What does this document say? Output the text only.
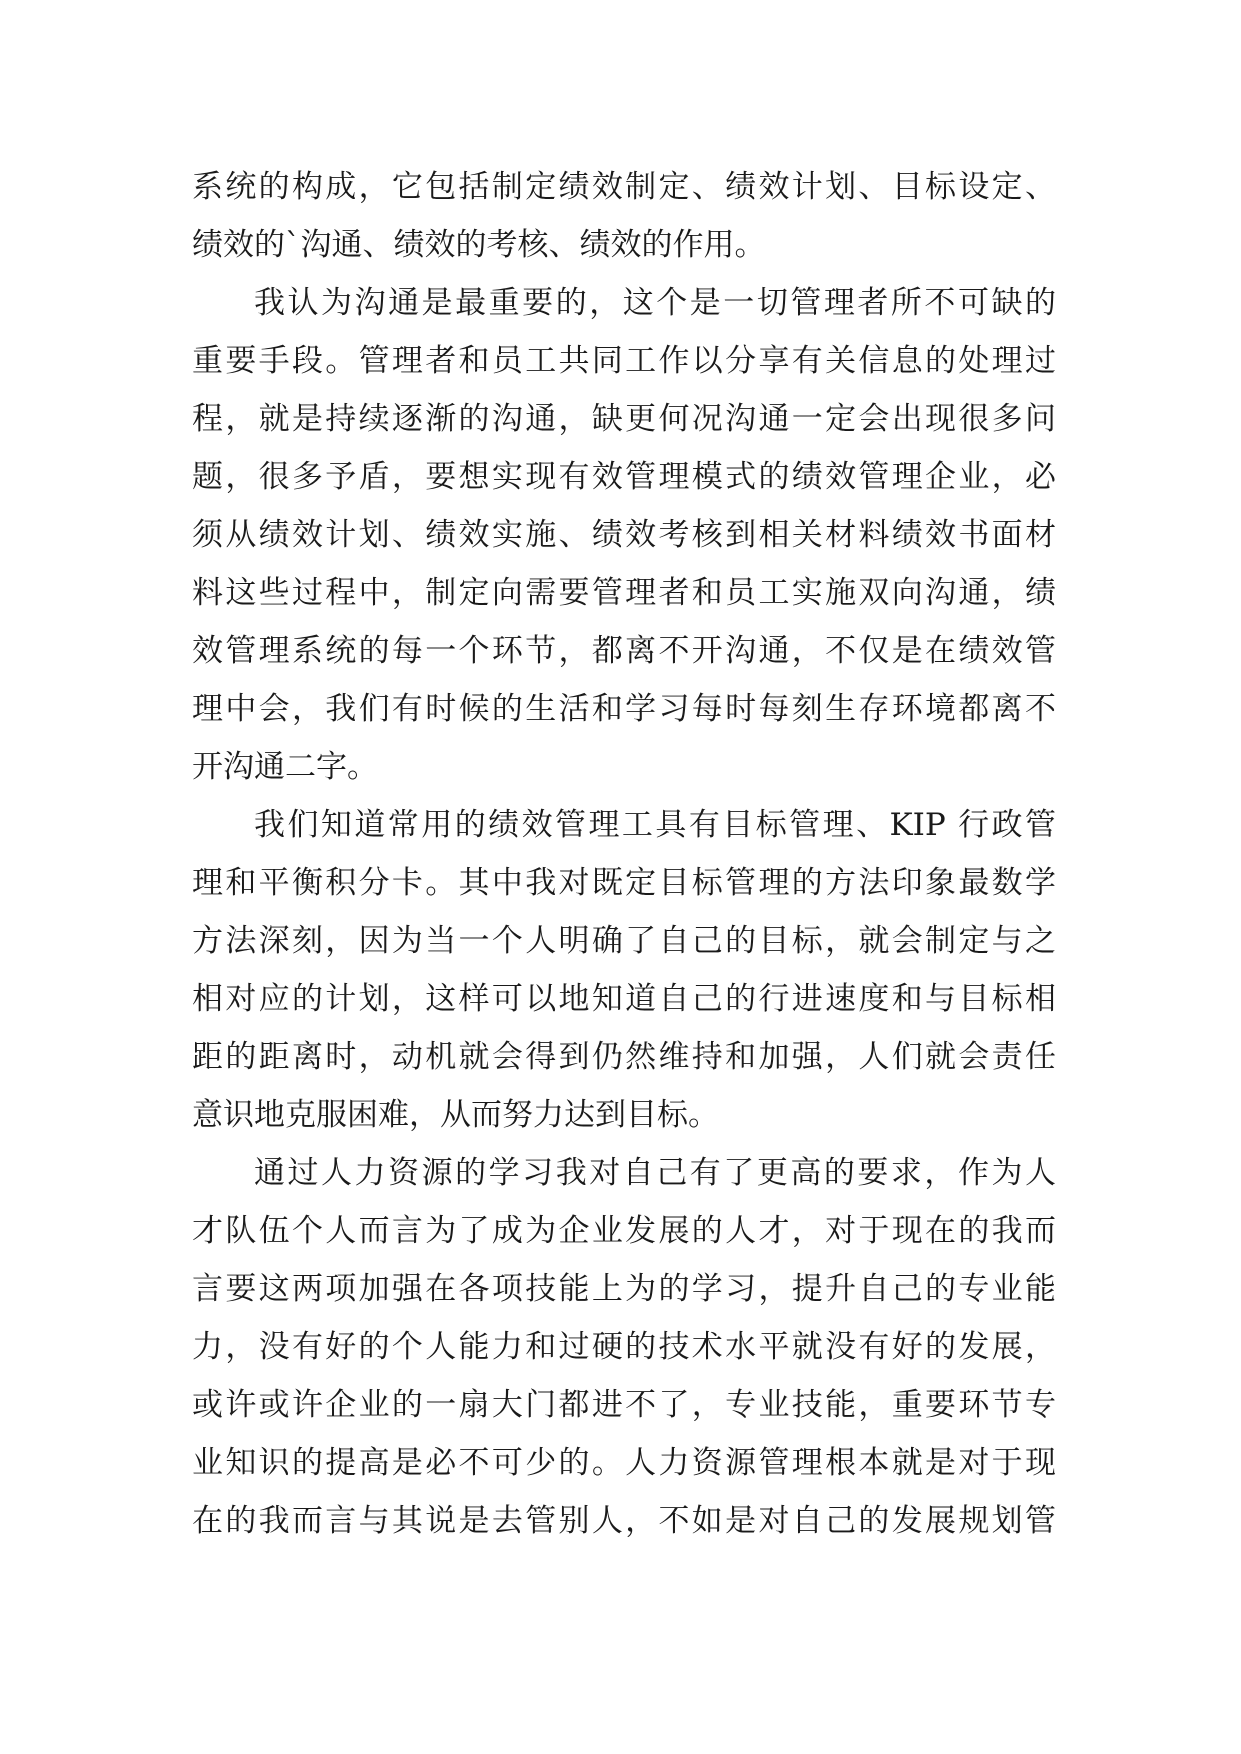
系统的构成，它包括制定绩效制定、绩效计划、目标设定、
绩效的`沟通、绩效的考核、绩效的作用。
我认为沟通是最重要的，这个是一切管理者所不可缺的
重要手段。管理者和员工共同工作以分享有关信息的处理过
程，就是持续逐渐的沟通，缺更何况沟通一定会出现很多问
题，很多予盾，要想实现有效管理模式的绩效管理企业，必
须从绩效计划、绩效实施、绩效考核到相关材料绩效书面材
料这些过程中，制定向需要管理者和员工实施双向沟通，绩
效管理系统的每一个环节，都离不开沟通，不仅是在绩效管
理中会，我们有时候的生活和学习每时每刻生存环境都离不
开沟通二字。
我们知道常用的绩效管理工具有目标管理、KIP 行政管
理和平衡积分卡。其中我对既定目标管理的方法印象最数学
方法深刻，因为当一个人明确了自己的目标，就会制定与之
相对应的计划，这样可以地知道自己的行进速度和与目标相
距的距离时，动机就会得到仍然维持和加强，人们就会责任
意识地克服困难，从而努力达到目标。
通过人力资源的学习我对自己有了更高的要求，作为人
才队伍个人而言为了成为企业发展的人才，对于现在的我而
言要这两项加强在各项技能上为的学习，提升自己的专业能
力，没有好的个人能力和过硬的技术水平就没有好的发展，
或许或许企业的一扇大门都进不了，专业技能，重要环节专
业知识的提高是必不可少的。人力资源管理根本就是对于现
在的我而言与其说是去管别人，不如是对自己的发展规划管
